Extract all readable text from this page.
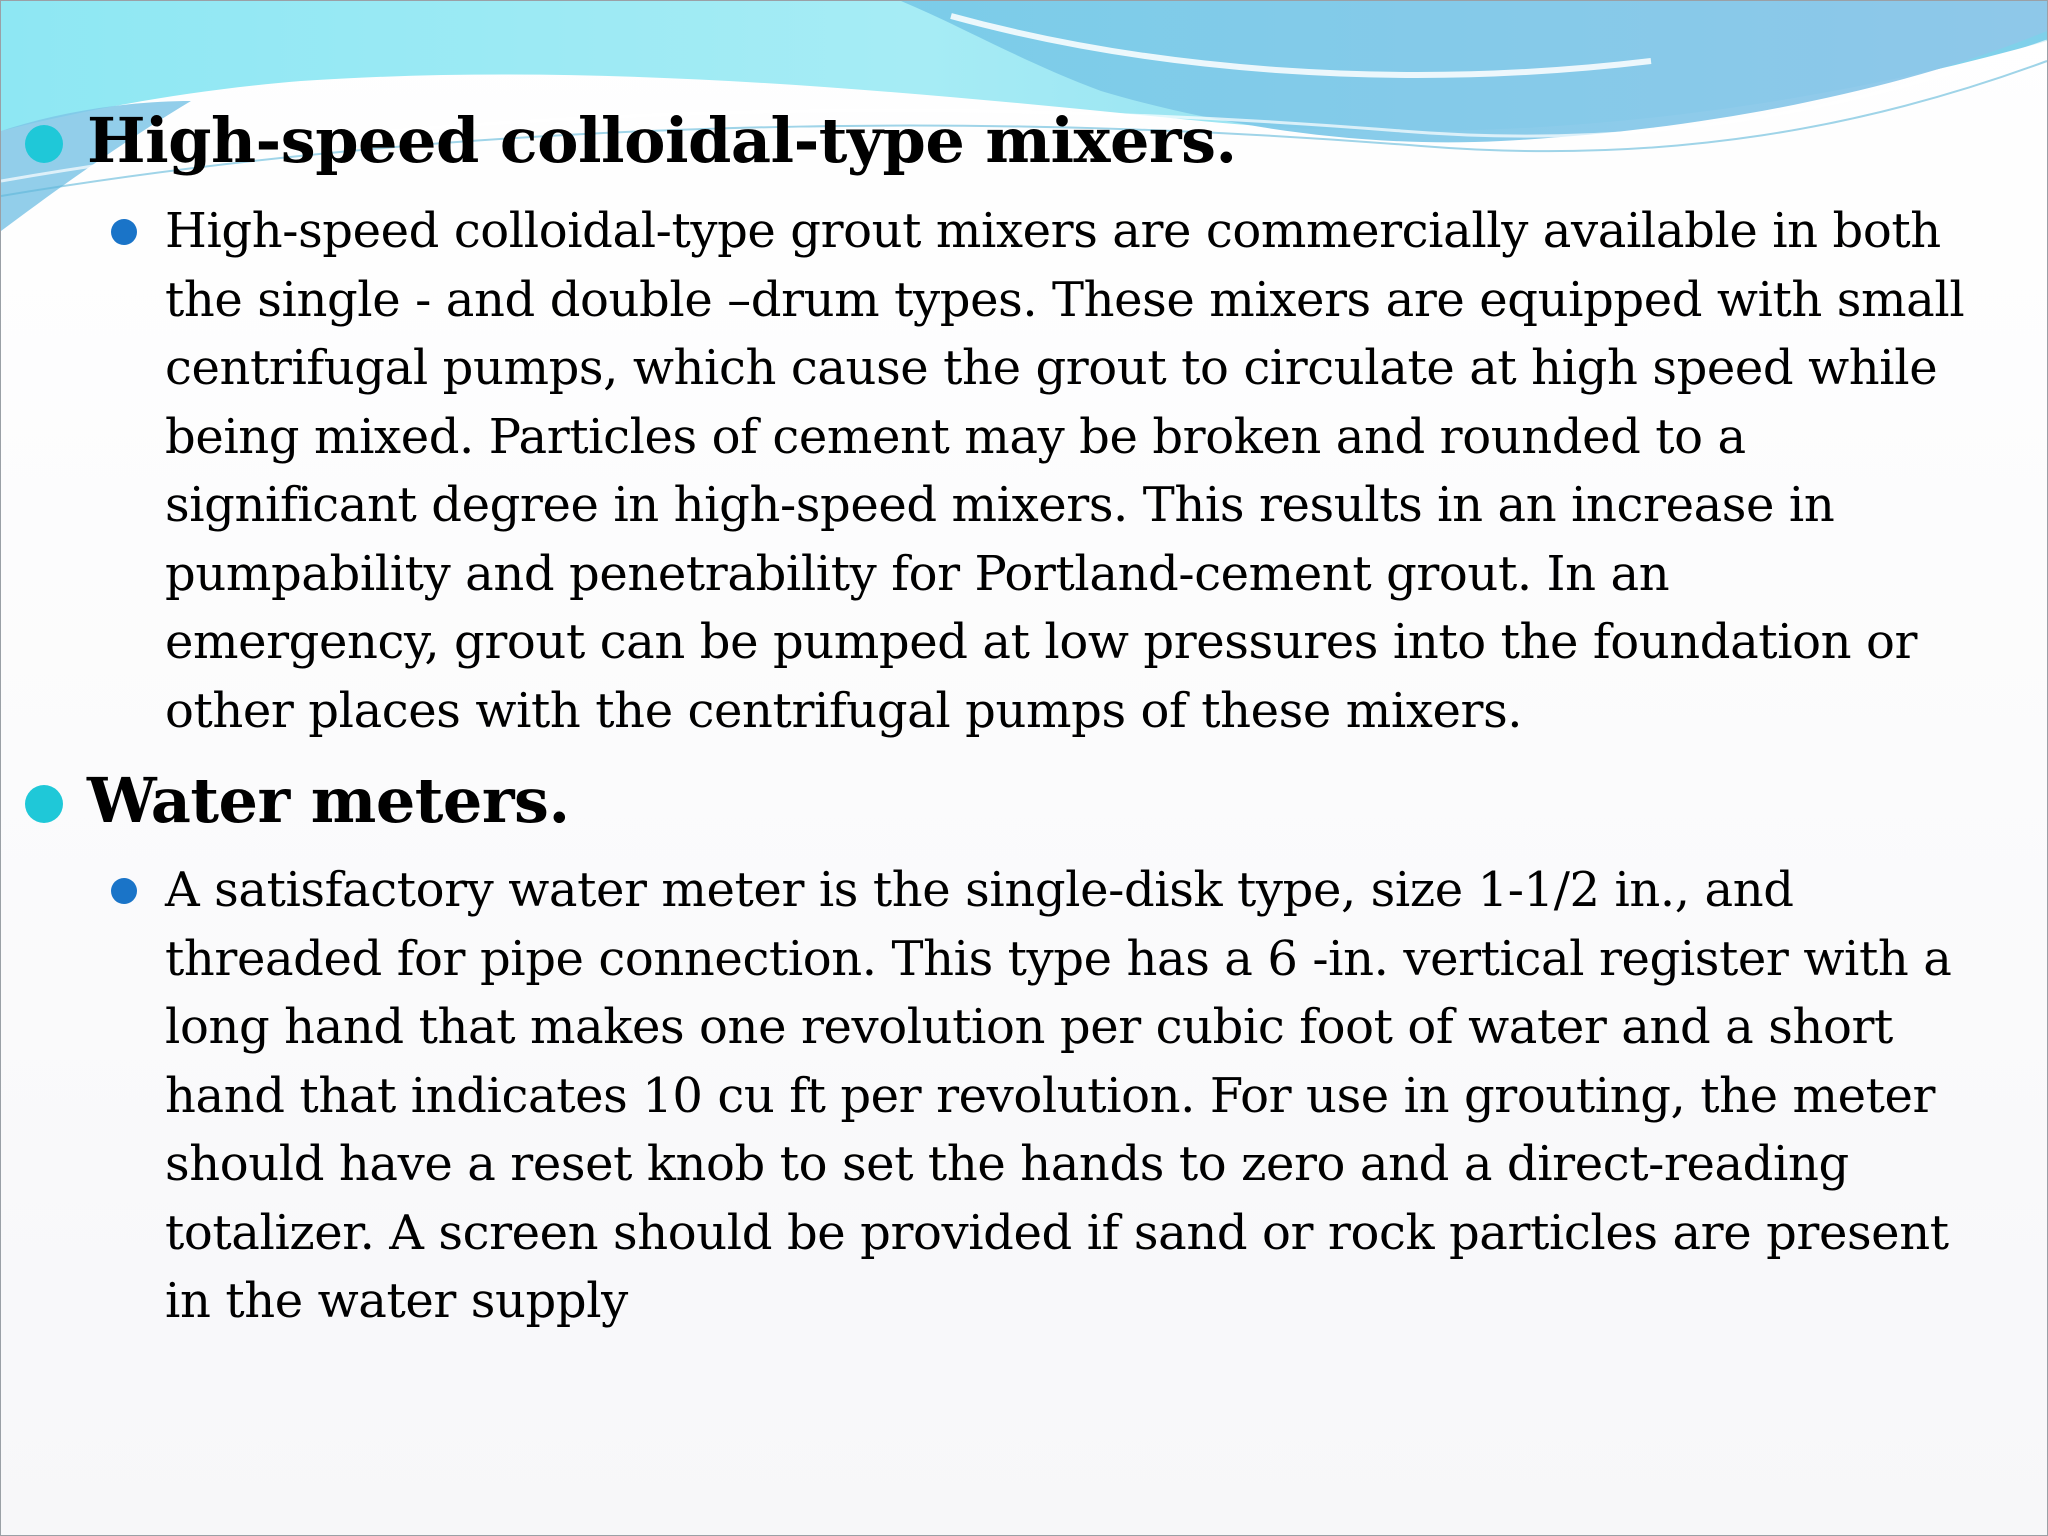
High-speed colloidal-type mixers.
High-speed colloidal-type grout mixers are commercially available in both
the single - and double –drum types. These mixers are equipped with small
centrifugal pumps, which cause the grout to circulate at high speed while
being mixed. Particles of cement may be broken and rounded to a
significant degree in high-speed mixers. This results in an increase in
pumpability and penetrability for Portland-cement grout. In an
emergency, grout can be pumped at low pressures into the foundation or
other places with the centrifugal pumps of these mixers.
Water meters.
A satisfactory water meter is the single-disk type, size 1-1/2 in., and
threaded for pipe connection. This type has a 6 -in. vertical register with a
long hand that makes one revolution per cubic foot of water and a short
hand that indicates 10 cu ft per revolution. For use in grouting, the meter
should have a reset knob to set the hands to zero and a direct-reading
totalizer. A screen should be provided if sand or rock particles are present
in the water supply
